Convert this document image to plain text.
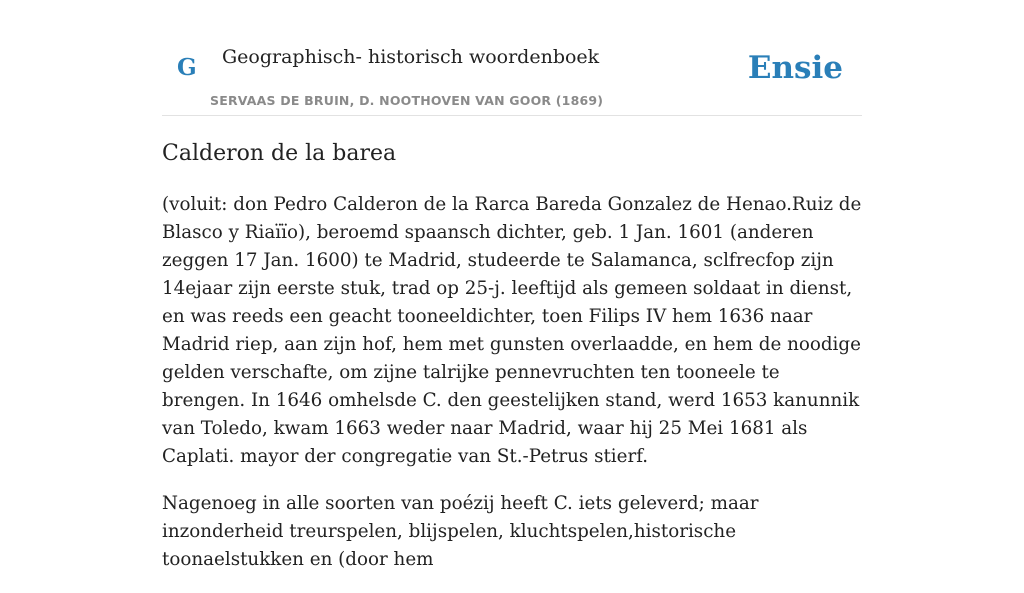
G Geographisch- historisch woordenboek
SERVAAS DE BRUIN, D. NOOTHOVEN VAN GOOR (1869)
Ensie
Calderon de la barea

(voluit: don Pedro Calderon de la Rarca Bareda Gonzalez de Henao.Ruiz de Blasco y Riaïïo), beroemd spaansch dichter, geb. 1 Jan. 1601 (anderen zeggen 17 Jan. 1600) te Madrid, studeerde te Salamanca, sclfrecfop zijn 14ejaar zijn eerste stuk, trad op 25-j. leeftijd als gemeen soldaat in dienst, en was reeds een geacht tooneeldichter, toen Filips IV hem 1636 naar Madrid riep, aan zijn hof, hem met gunsten overlaadde, en hem de noodige gelden verschafte, om zijne talrijke pennevruchten ten tooneele te brengen. In 1646 omhelsde C. den geestelijken stand, werd 1653 kanunnik van Toledo, kwam 1663 weder naar Madrid, waar hij 25 Mei 1681 als Caplati. mayor der congregatie van St.-Petrus stierf.

Nagenoeg in alle soorten van poézij heeft C. iets geleverd; maar inzonderheid treurspelen, blijspelen, kluchtspelen,historische toonaelstukken en (door hem
